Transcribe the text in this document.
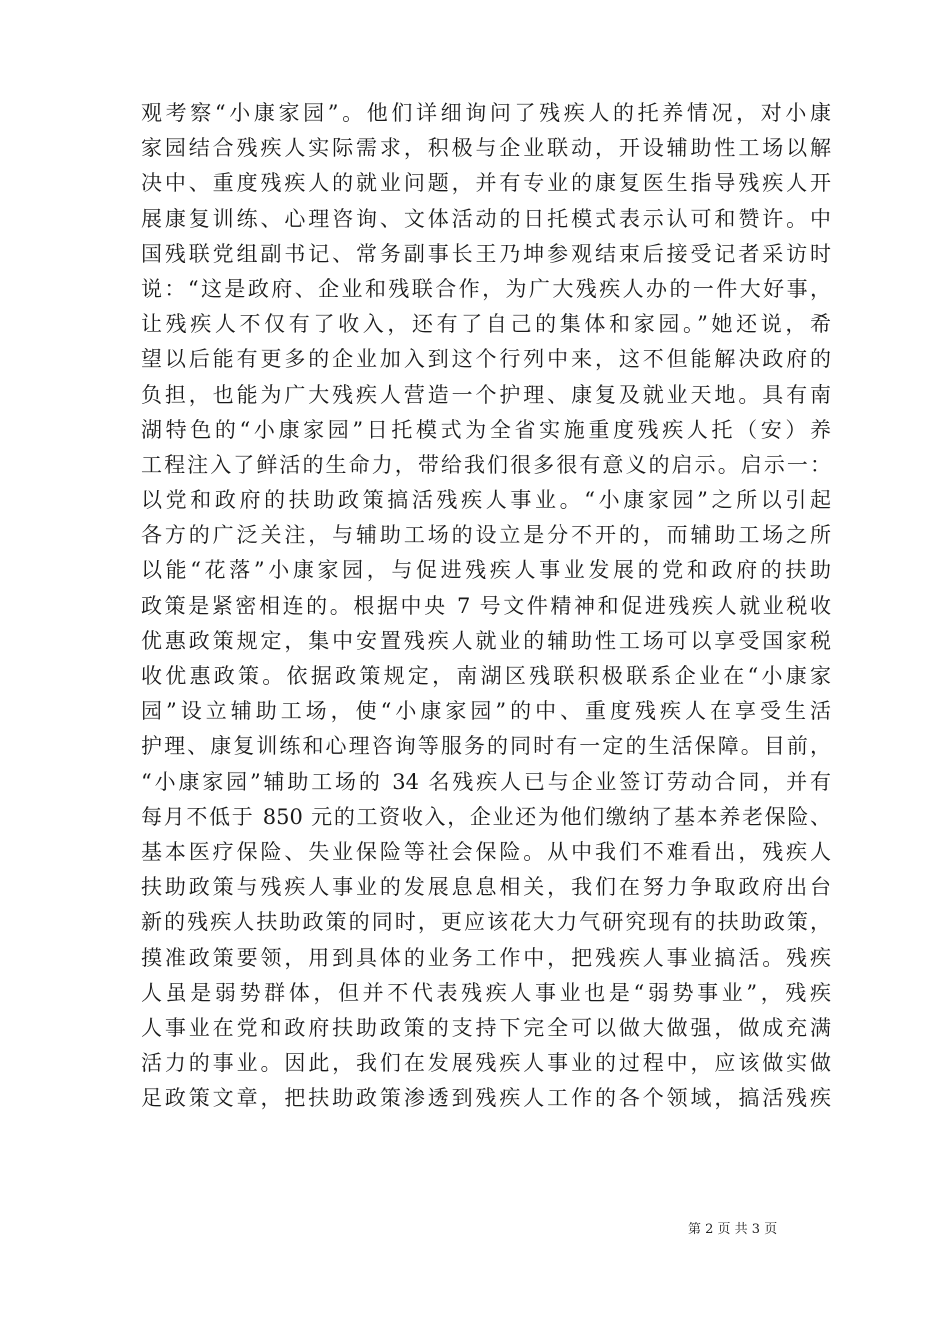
观考察“小康家园”。他们详细询问了残疾人的托养情况，对小康
家园结合残疾人实际需求，积极与企业联动，开设辅助性工场以解
决中、重度残疾人的就业问题，并有专业的康复医生指导残疾人开
展康复训练、心理咨询、文体活动的日托模式表示认可和赞许。中
国残联党组副书记、常务副事长王乃坤参观结束后接受记者采访时
说：“这是政府、企业和残联合作，为广大残疾人办的一件大好事，
让残疾人不仅有了收入，还有了自己的集体和家园。”她还说，希
望以后能有更多的企业加入到这个行列中来，这不但能解决政府的
负担，也能为广大残疾人营造一个护理、康复及就业天地。具有南
湖特色的“小康家园”日托模式为全省实施重度残疾人托（安）养
工程注入了鲜活的生命力，带给我们很多很有意义的启示。启示一：
以党和政府的扶助政策搞活残疾人事业。“小康家园”之所以引起
各方的广泛关注，与辅助工场的设立是分不开的，而辅助工场之所
以能“花落”小康家园，与促进残疾人事业发展的党和政府的扶助
政策是紧密相连的。根据中央 7 号文件精神和促进残疾人就业税收
优惠政策规定，集中安置残疾人就业的辅助性工场可以享受国家税
收优惠政策。依据政策规定，南湖区残联积极联系企业在“小康家
园”设立辅助工场，使“小康家园”的中、重度残疾人在享受生活
护理、康复训练和心理咨询等服务的同时有一定的生活保障。目前，
“小康家园”辅助工场的 34 名残疾人已与企业签订劳动合同，并有
每月不低于 850 元的工资收入，企业还为他们缴纳了基本养老保险、
基本医疗保险、失业保险等社会保险。从中我们不难看出，残疾人
扶助政策与残疾人事业的发展息息相关，我们在努力争取政府出台
新的残疾人扶助政策的同时，更应该花大力气研究现有的扶助政策，
摸准政策要领，用到具体的业务工作中，把残疾人事业搞活。残疾
人虽是弱势群体，但并不代表残疾人事业也是“弱势事业”，残疾
人事业在党和政府扶助政策的支持下完全可以做大做强，做成充满
活力的事业。因此，我们在发展残疾人事业的过程中，应该做实做
足政策文章，把扶助政策渗透到残疾人工作的各个领域，搞活残疾
第 2 页 共 3 页
